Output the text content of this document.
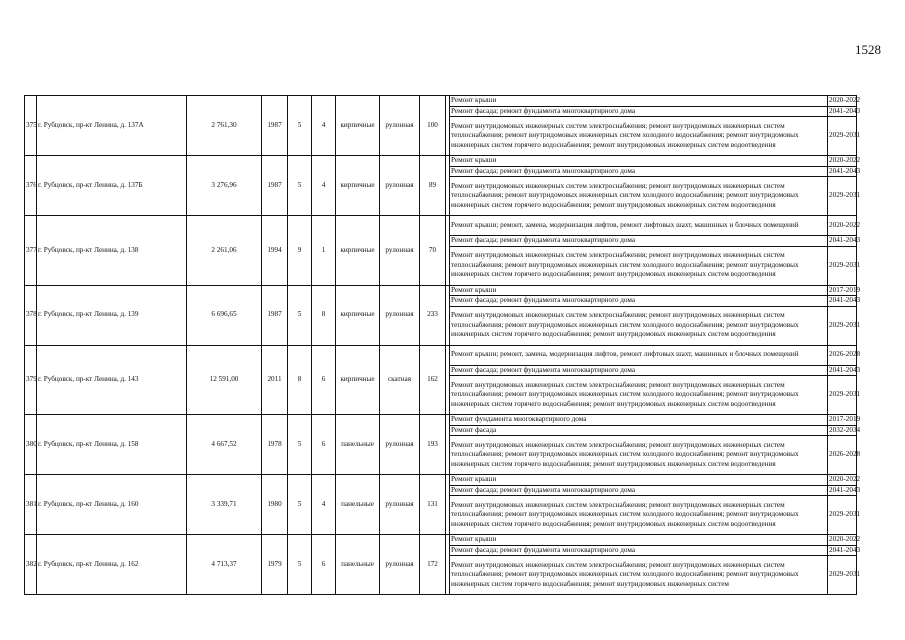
1528
375	г. Рубцовск, пр-кт Ленина, д. 137А	2 761,30	1987	5	4	кирпичные	рулонная	100		Ремонт крыши	2020-2022
										Ремонт фасада; ремонт фундамента многоквартирного дома	2041-2043
										Ремонт внутридомовых инженерных систем электроснабжения; ремонт внутридомовых инженерных систем теплоснабжения; ремонт внутридомовых инженерных систем холодного водоснабжения; ремонт внутридомовых инженерных систем горячего водоснабжения; ремонт внутридомовых инженерных систем водоотведения	2029-2031
376	г. Рубцовск, пр-кт Ленина, д. 137Б	3 276,96	1987	5	4	кирпичные	рулонная	89		Ремонт крыши	2020-2022
										Ремонт фасада; ремонт фундамента многоквартирного дома	2041-2043
										Ремонт внутридомовых инженерных систем электроснабжения; ремонт внутридомовых инженерных систем теплоснабжения; ремонт внутридомовых инженерных систем холодного водоснабжения; ремонт внутридомовых инженерных систем горячего водоснабжения; ремонт внутридомовых инженерных систем водоотведения	2029-2031
377	г. Рубцовск, пр-кт Ленина, д. 138	2 261,06	1994	9	1	кирпичные	рулонная	70		Ремонт крыши; ремонт, замена, модернизация лифтов, ремонт лифтовых шахт, машинных и блочных помещений	2020-2022
										Ремонт фасада; ремонт фундамента многоквартирного дома	2041-2043
										Ремонт внутридомовых инженерных систем электроснабжения; ремонт внутридомовых инженерных систем теплоснабжения; ремонт внутридомовых инженерных систем холодного водоснабжения; ремонт внутридомовых инженерных систем горячего водоснабжения; ремонт внутридомовых инженерных систем водоотведения	2029-2031
378	г. Рубцовск, пр-кт Ленина, д. 139	6 696,65	1987	5	8	кирпичные	рулонная	233		Ремонт крыши	2017-2019
										Ремонт фасада; ремонт фундамента многоквартирного дома	2041-2043
										Ремонт внутридомовых инженерных систем электроснабжения; ремонт внутридомовых инженерных систем теплоснабжения; ремонт внутридомовых инженерных систем холодного водоснабжения; ремонт внутридомовых инженерных систем горячего водоснабжения; ремонт внутридомовых инженерных систем водоотведения	2029-2031
379	г. Рубцовск, пр-кт Ленина, д. 143	12 591,00	2011	8	6	кирпичные	скатная	162		Ремонт крыши; ремонт, замена, модернизация лифтов, ремонт лифтовых шахт, машинных и блочных помещений	2026-2028
										Ремонт фасада; ремонт фундамента многоквартирного дома	2041-2043
										Ремонт внутридомовых инженерных систем электроснабжения; ремонт внутридомовых инженерных систем теплоснабжения; ремонт внутридомовых инженерных систем холодного водоснабжения; ремонт внутридомовых инженерных систем горячего водоснабжения; ремонт внутридомовых инженерных систем водоотведения	2029-2031
380	г. Рубцовск, пр-кт Ленина, д. 158	4 667,52	1978	5	6	панельные	рулонная	193		Ремонт фундамента многоквартирного дома	2017-2019
										Ремонт фасада	2032-2034
										Ремонт внутридомовых инженерных систем электроснабжения; ремонт внутридомовых инженерных систем теплоснабжения; ремонт внутридомовых инженерных систем холодного водоснабжения; ремонт внутридомовых инженерных систем горячего водоснабжения; ремонт внутридомовых инженерных систем водоотведения	2026-2028
381	г. Рубцовск, пр-кт Ленина, д. 160	3 339,71	1980	5	4	панельные	рулонная	131		Ремонт крыши	2020-2022
										Ремонт фасада; ремонт фундамента многоквартирного дома	2041-2043
										Ремонт внутридомовых инженерных систем электроснабжения; ремонт внутридомовых инженерных систем теплоснабжения; ремонт внутридомовых инженерных систем холодного водоснабжения; ремонт внутридомовых инженерных систем горячего водоснабжения; ремонт внутридомовых инженерных систем водоотведения	2029-2031
382	г. Рубцовск, пр-кт Ленина, д. 162	4 713,37	1979	5	6	панельные	рулонная	172		Ремонт крыши	2020-2022
										Ремонт фасада; ремонт фундамента многоквартирного дома	2041-2043
										Ремонт внутридомовых инженерных систем электроснабжения; ремонт внутридомовых инженерных систем теплоснабжения; ремонт внутридомовых инженерных систем холодного водоснабжения; ремонт внутридомовых инженерных систем горячего водоснабжения; ремонт внутридомовых инженерных систем	2029-2031
